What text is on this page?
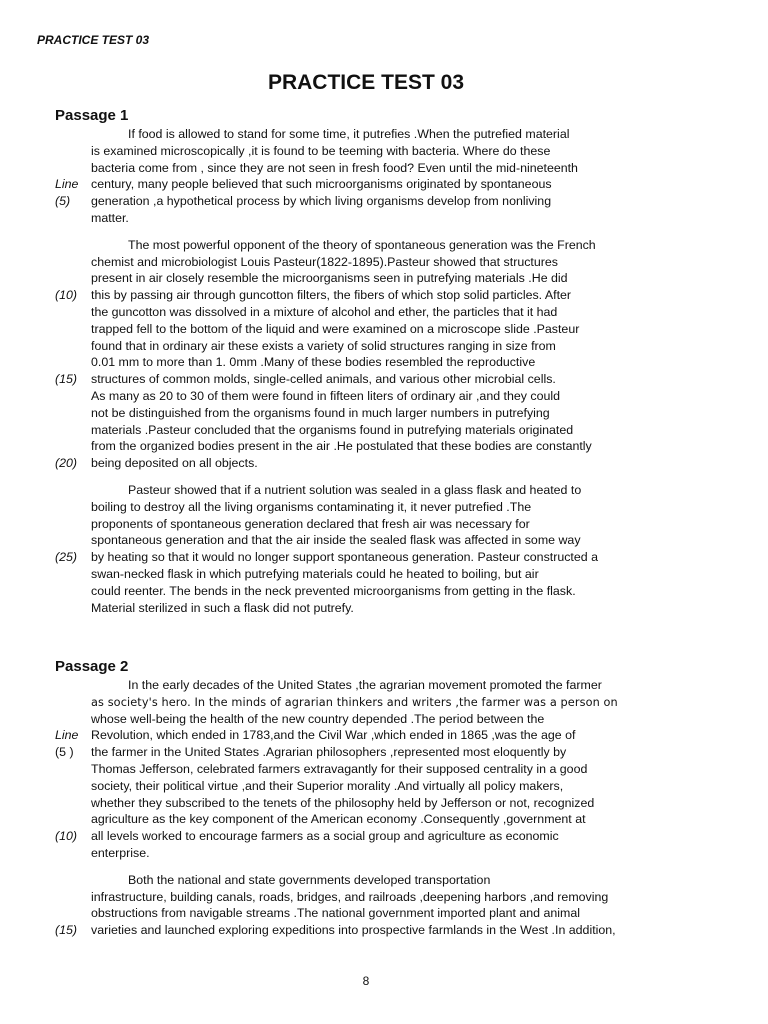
PRACTICE TEST 03
PRACTICE TEST 03
Passage 1
If food is allowed to stand for some time, it putrefies .When the putrefied material
is examined microscopically ,it is found to be teeming with bacteria. Where do these
bacteria come from , since they are not seen in fresh food? Even until the mid-nineteenth
century, many people believed that such microorganisms originated by spontaneous
Line
generation ,a hypothetical process by which living organisms develop from nonliving
(5)
matter.
The most powerful opponent of the theory of spontaneous generation was the French
chemist and microbiologist Louis Pasteur(1822-1895).Pasteur showed that structures
present in air closely resemble the microorganisms seen in putrefying materials .He did
this by passing air through guncotton filters, the fibers of which stop solid particles. After
(10)
the guncotton was dissolved in a mixture of alcohol and ether, the particles that it had
trapped fell to the bottom of the liquid and were examined on a microscope slide .Pasteur
found that in ordinary air these exists a variety of solid structures ranging in size from
0.01 mm to more than 1. 0mm .Many of these bodies resembled the reproductive
structures of common molds, single-celled animals, and various other microbial cells.
(15)
As many as 20 to 30 of them were found in fifteen liters of ordinary air ,and they could
not be distinguished from the organisms found in much larger numbers in putrefying
materials .Pasteur concluded that the organisms found in putrefying materials originated
from the organized bodies present in the air .He postulated that these bodies are constantly
being deposited on all objects.
(20)
Pasteur showed that if a nutrient solution was sealed in a glass flask and heated to
boiling to destroy all the living organisms contaminating it, it never putrefied .The
proponents of spontaneous generation declared that fresh air was necessary for
spontaneous generation and that the air inside the sealed flask was affected in some way
by heating so that it would no longer support spontaneous generation. Pasteur constructed a
(25)
swan-necked flask in which putrefying materials could he heated to boiling, but air
could reenter. The bends in the neck prevented microorganisms from getting in the flask.
Material sterilized in such a flask did not putrefy.
Passage 2
In the early decades of the United States ,the agrarian movement promoted the farmer
as society's hero. In the minds of agrarian thinkers and writers ,the farmer was a person on
whose well-being the health of the new country depended .The period between the
Revolution, which ended in 1783,and the Civil War ,which ended in 1865 ,was the age of
Line
the farmer in the United States .Agrarian philosophers ,represented most eloquently by
(5 )
Thomas Jefferson, celebrated farmers extravagantly for their supposed centrality in a good
society, their political virtue ,and their Superior morality .And virtually all policy makers,
whether they subscribed to the tenets of the philosophy held by Jefferson or not, recognized
agriculture as the key component of the American economy .Consequently ,government at
all levels worked to encourage farmers as a social group and agriculture as economic
(10)
enterprise.
Both the national and state governments developed transportation
infrastructure, building canals, roads, bridges, and railroads ,deepening harbors ,and removing
obstructions from navigable streams .The national government imported plant and animal
varieties and launched exploring expeditions into prospective farmlands in the West .In addition,
(15)
8
